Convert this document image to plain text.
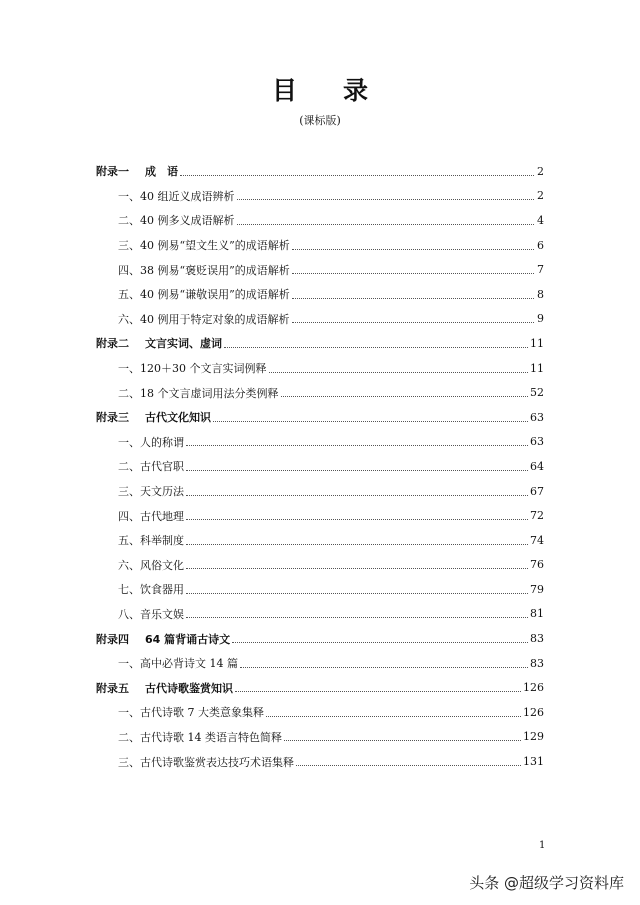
目录
(课标版)
附录一 成　语	2
一、40 组近义成语辨析	2
二、40 例多义成语解析	4
三、40 例易“望文生义”的成语解析	6
四、38 例易“褒贬误用”的成语解析	7
五、40 例易“谦敬误用”的成语解析	8
六、40 例用于特定对象的成语解析	9
附录二 文言实词、虚词	11
一、120＋30 个文言实词例释	11
二、18 个文言虚词用法分类例释	52
附录三 古代文化知识	63
一、人的称谓	63
二、古代官职	64
三、天文历法	67
四、古代地理	72
五、科举制度	74
六、风俗文化	76
七、饮食器用	79
八、音乐文娱	81
附录四 64 篇背诵古诗文	83
一、高中必背诗文 14 篇	83
附录五 古代诗歌鉴赏知识	126
一、古代诗歌 7 大类意象集释	126
二、古代诗歌 14 类语言特色简释	129
三、古代诗歌鉴赏表达技巧术语集释	131
1
头条 @超级学习资料库
